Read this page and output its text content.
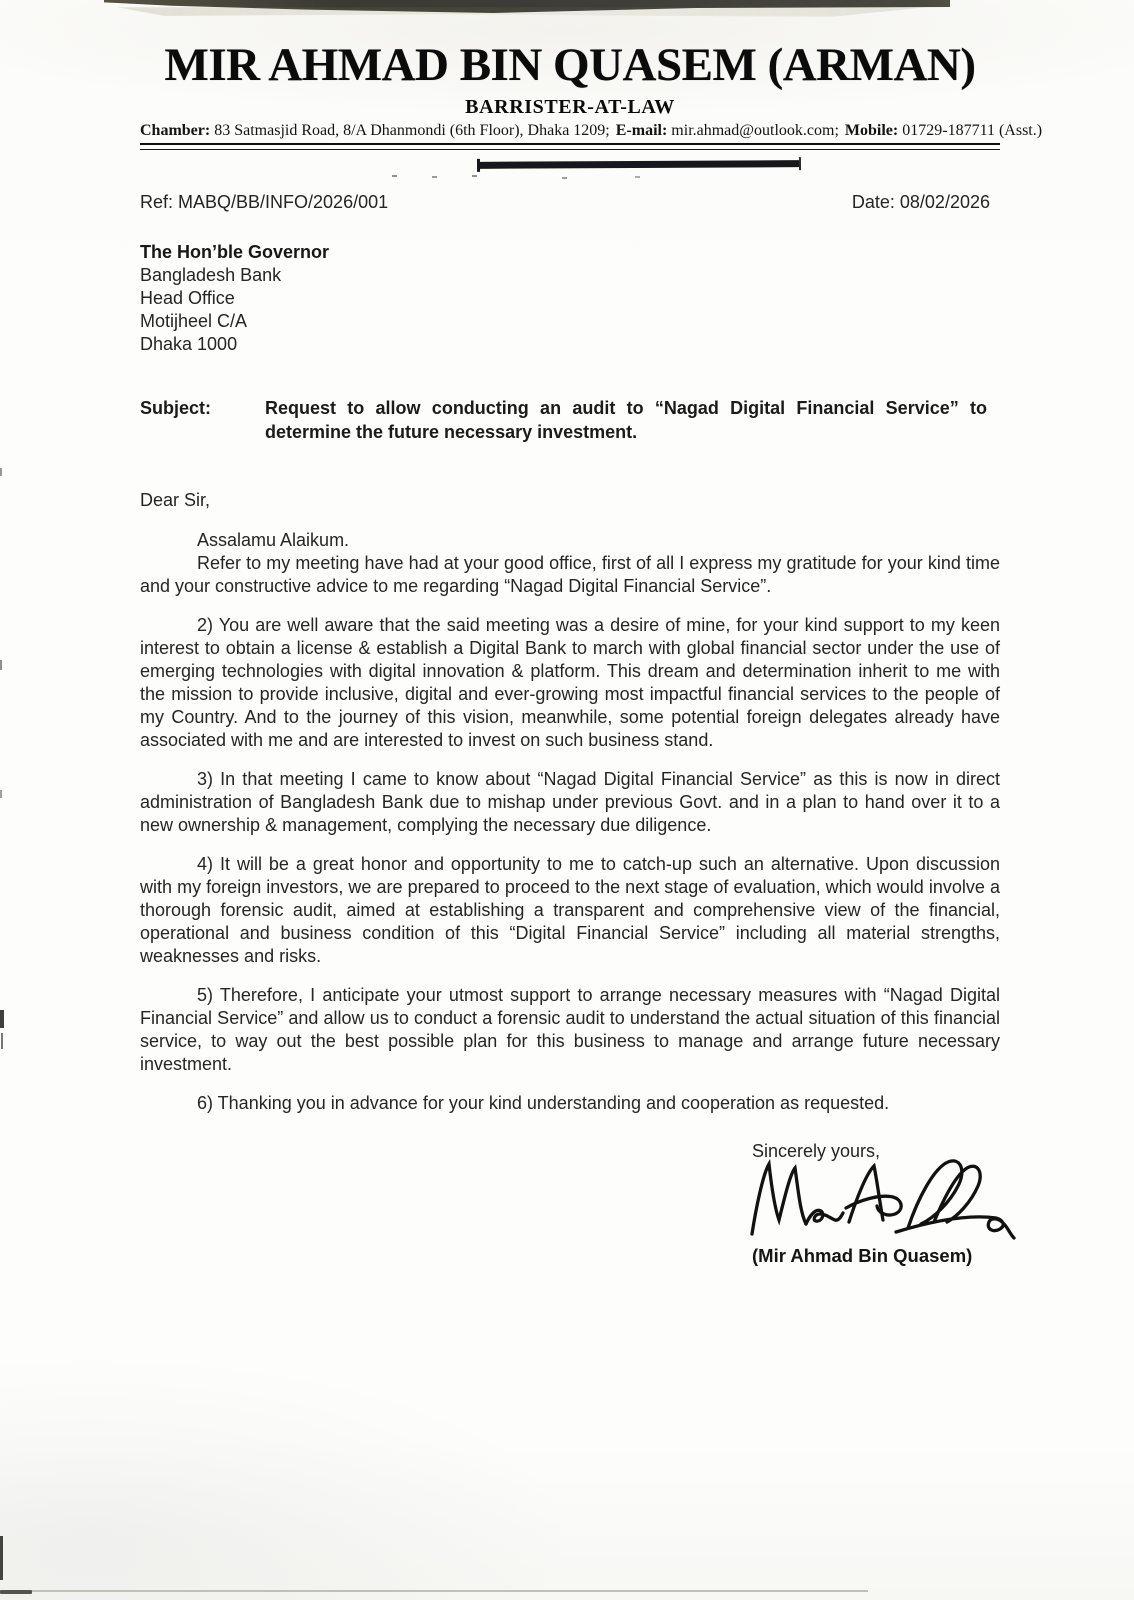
MIR AHMAD BIN QUASEM (ARMAN)
BARRISTER-AT-LAW
Chamber: 83 Satmasjid Road, 8/A Dhanmondi (6th Floor), Dhaka 1209; E-mail: mir.ahmad@outlook.com; Mobile: 01729-187711 (Asst.)
Ref: MABQ/BB/INFO/2026/001	Date: 08/02/2026
The Hon’ble Governor
Bangladesh Bank
Head Office
Motijheel C/A
Dhaka 1000
Subject:	Request to allow conducting an audit to “Nagad Digital Financial Service” to determine the future necessary investment.
Dear Sir,

Assalamu Alaikum.

Refer to my meeting have had at your good office, first of all I express my gratitude for your kind time and your constructive advice to me regarding “Nagad Digital Financial Service”.

2) You are well aware that the said meeting was a desire of mine, for your kind support to my keen interest to obtain a license & establish a Digital Bank to march with global financial sector under the use of emerging technologies with digital innovation & platform. This dream and determination inherit to me with the mission to provide inclusive, digital and ever-growing most impactful financial services to the people of my Country. And to the journey of this vision, meanwhile, some potential foreign delegates already have associated with me and are interested to invest on such business stand.

3) In that meeting I came to know about “Nagad Digital Financial Service” as this is now in direct administration of Bangladesh Bank due to mishap under previous Govt. and in a plan to hand over it to a new ownership & management, complying the necessary due diligence.

4) It will be a great honor and opportunity to me to catch-up such an alternative. Upon discussion with my foreign investors, we are prepared to proceed to the next stage of evaluation, which would involve a thorough forensic audit, aimed at establishing a transparent and comprehensive view of the financial, operational and business condition of this “Digital Financial Service” including all material strengths, weaknesses and risks.

5) Therefore, I anticipate your utmost support to arrange necessary measures with “Nagad Digital Financial Service” and allow us to conduct a forensic audit to understand the actual situation of this financial service, to way out the best possible plan for this business to manage and arrange future necessary investment.

6) Thanking you in advance for your kind understanding and cooperation as requested.

Sincerely yours,
(Mir Ahmad Bin Quasem)
